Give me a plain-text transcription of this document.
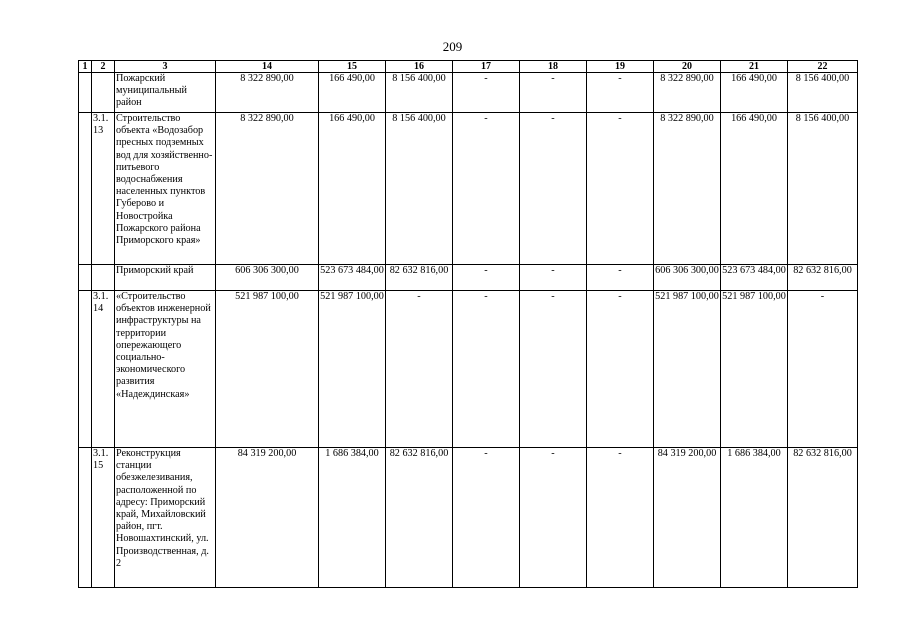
209
1	2	3	14	15	16	17	18	19	20	21	22
		Пожарский муниципальный район	8 322 890,00	166 490,00	8 156 400,00	-	-	-	8 322 890,00	166 490,00	8 156 400,00
	3.1.13	Строительство объекта «Водозабор пресных подземных вод для хозяйственно-питьевого водоснабжения населенных пунктов Губерово и Новостройка Пожарского района Приморского края»	8 322 890,00	166 490,00	8 156 400,00	-	-	-	8 322 890,00	166 490,00	8 156 400,00
		Приморский край	606 306 300,00	523 673 484,00	82 632 816,00	-	-	-	606 306 300,00	523 673 484,00	82 632 816,00
	3.1.14	«Строительство объектов инженерной инфраструктуры на территории опережающего социально-экономического развития «Надеждинская»	521 987 100,00	521 987 100,00	-	-	-	-	521 987 100,00	521 987 100,00	-
	3.1.15	Реконструкция станции обезжелезивания, расположенной по адресу: Приморский край, Михайловский район, пгт. Новошахтинский, ул. Производственная, д. 2	84 319 200,00	1 686 384,00	82 632 816,00	-	-	-	84 319 200,00	1 686 384,00	82 632 816,00
